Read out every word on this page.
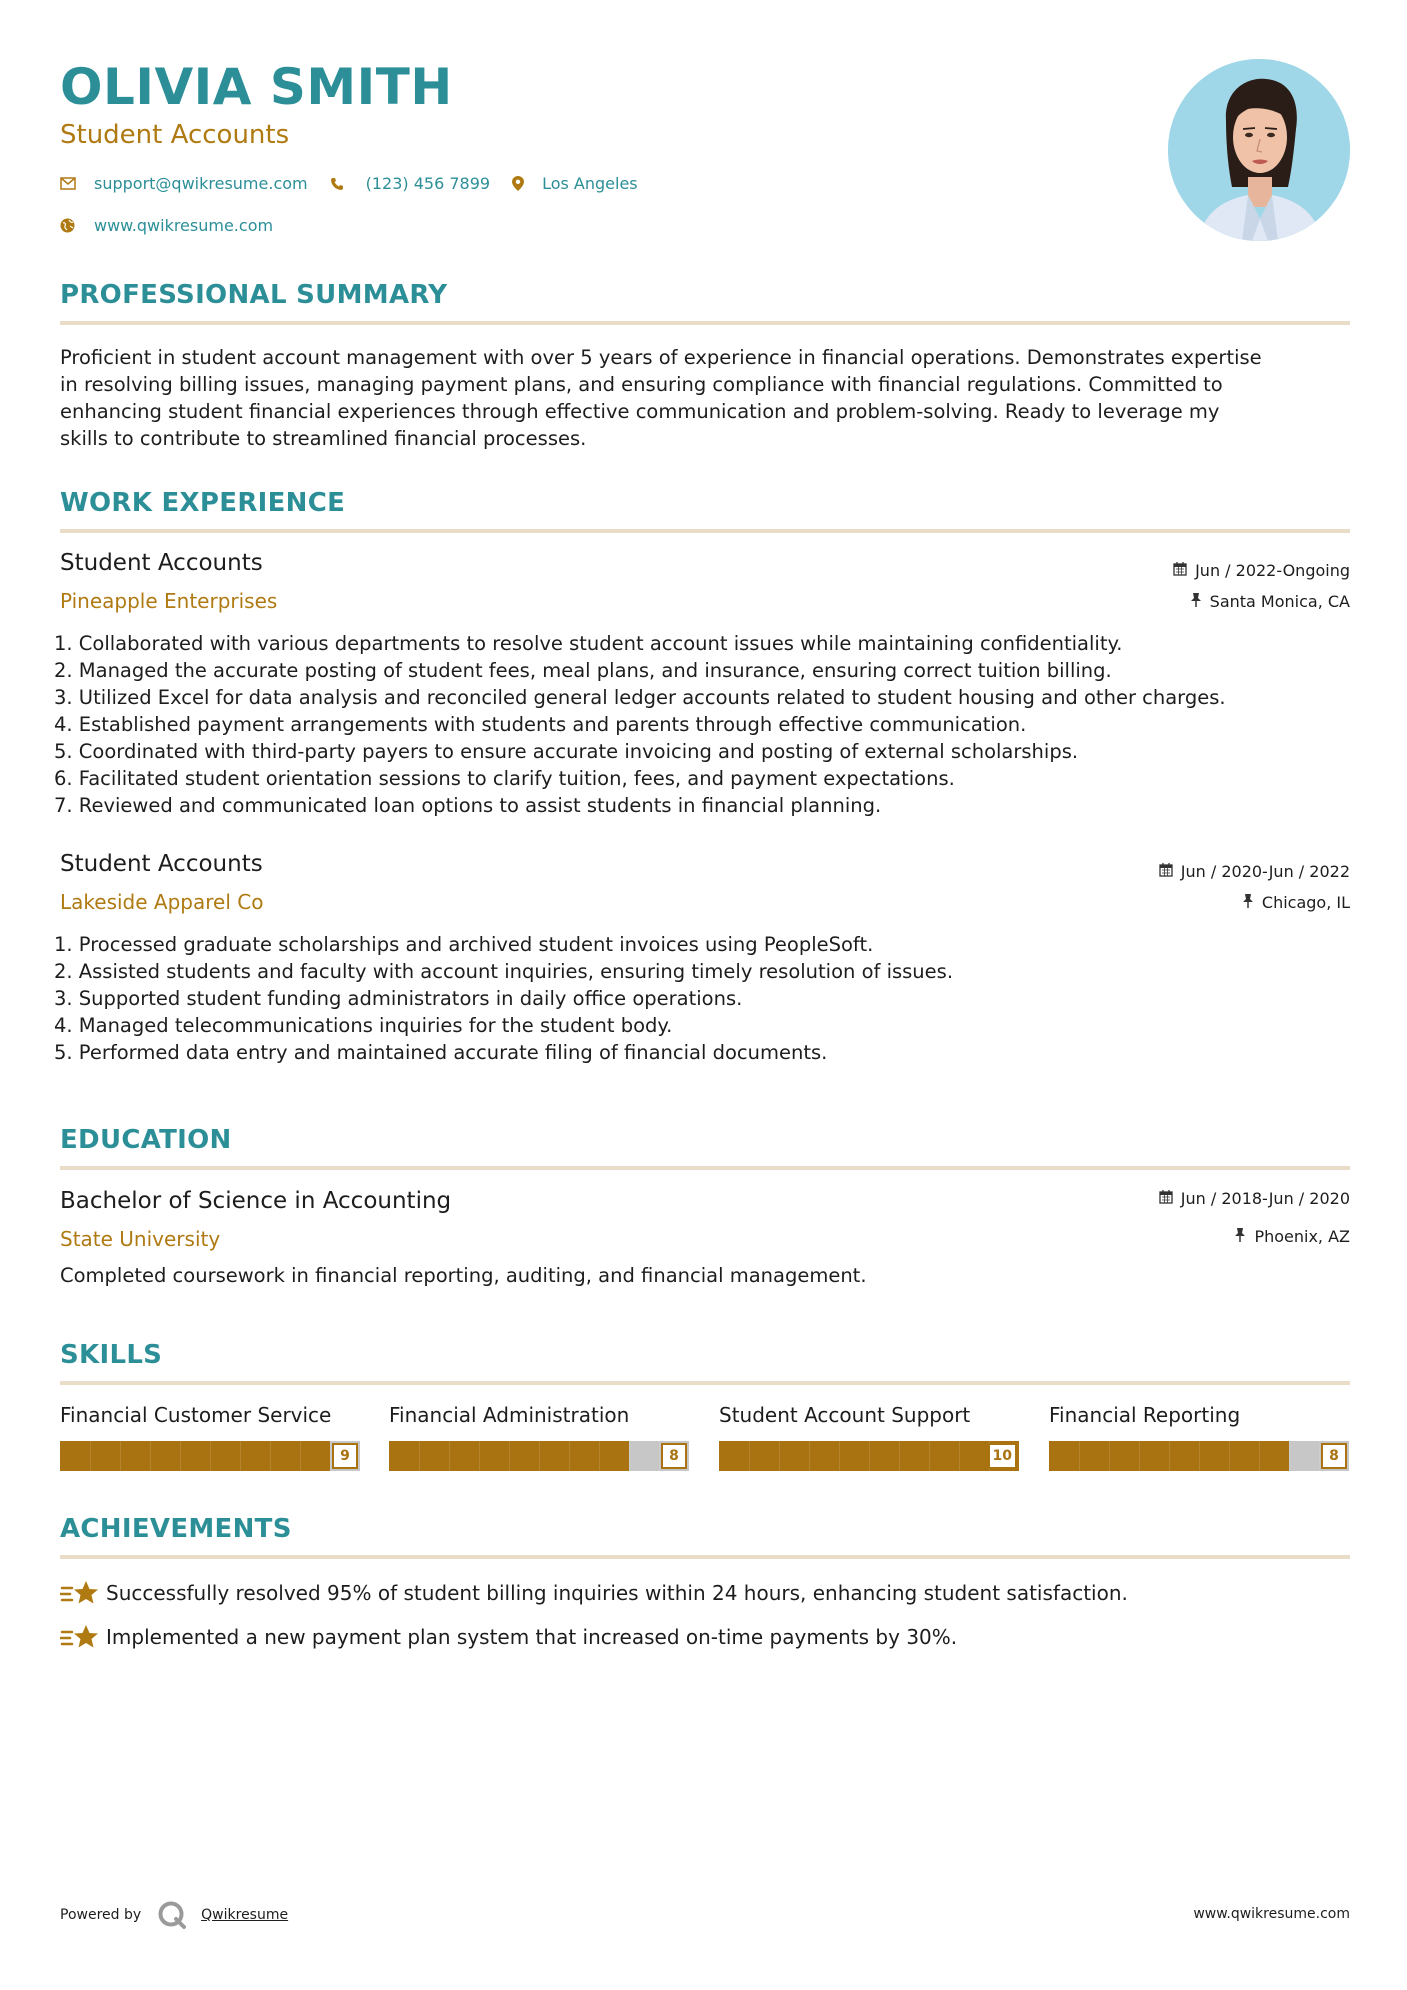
OLIVIA SMITH
Student Accounts
support@qwikresume.com	(123) 456 7899	Los Angeles
www.qwikresume.com
PROFESSIONAL SUMMARY
Proficient in student account management with over 5 years of experience in financial operations. Demonstrates expertise
in resolving billing issues, managing payment plans, and ensuring compliance with financial regulations. Committed to
enhancing student financial experiences through effective communication and problem-solving. Ready to leverage my
skills to contribute to streamlined financial processes.
WORK EXPERIENCE
Student Accounts
Pineapple Enterprises
Jun / 2022-Ongoing
Santa Monica, CA
1. Collaborated with various departments to resolve student account issues while maintaining confidentiality.
2. Managed the accurate posting of student fees, meal plans, and insurance, ensuring correct tuition billing.
3. Utilized Excel for data analysis and reconciled general ledger accounts related to student housing and other charges.
4. Established payment arrangements with students and parents through effective communication.
5. Coordinated with third-party payers to ensure accurate invoicing and posting of external scholarships.
6. Facilitated student orientation sessions to clarify tuition, fees, and payment expectations.
7. Reviewed and communicated loan options to assist students in financial planning.
Student Accounts
Lakeside Apparel Co
Jun / 2020-Jun / 2022
Chicago, IL
1. Processed graduate scholarships and archived student invoices using PeopleSoft.
2. Assisted students and faculty with account inquiries, ensuring timely resolution of issues.
3. Supported student funding administrators in daily office operations.
4. Managed telecommunications inquiries for the student body.
5. Performed data entry and maintained accurate filing of financial documents.
EDUCATION
Bachelor of Science in Accounting
State University
Jun / 2018-Jun / 2020
Phoenix, AZ
Completed coursework in financial reporting, auditing, and financial management.
SKILLS
Financial Customer Service
9
Financial Administration
8
Student Account Support
10
Financial Reporting
8
ACHIEVEMENTS
Successfully resolved 95% of student billing inquiries within 24 hours, enhancing student satisfaction.
Implemented a new payment plan system that increased on-time payments by 30%.
Powered by	Qwikresume	www.qwikresume.com
